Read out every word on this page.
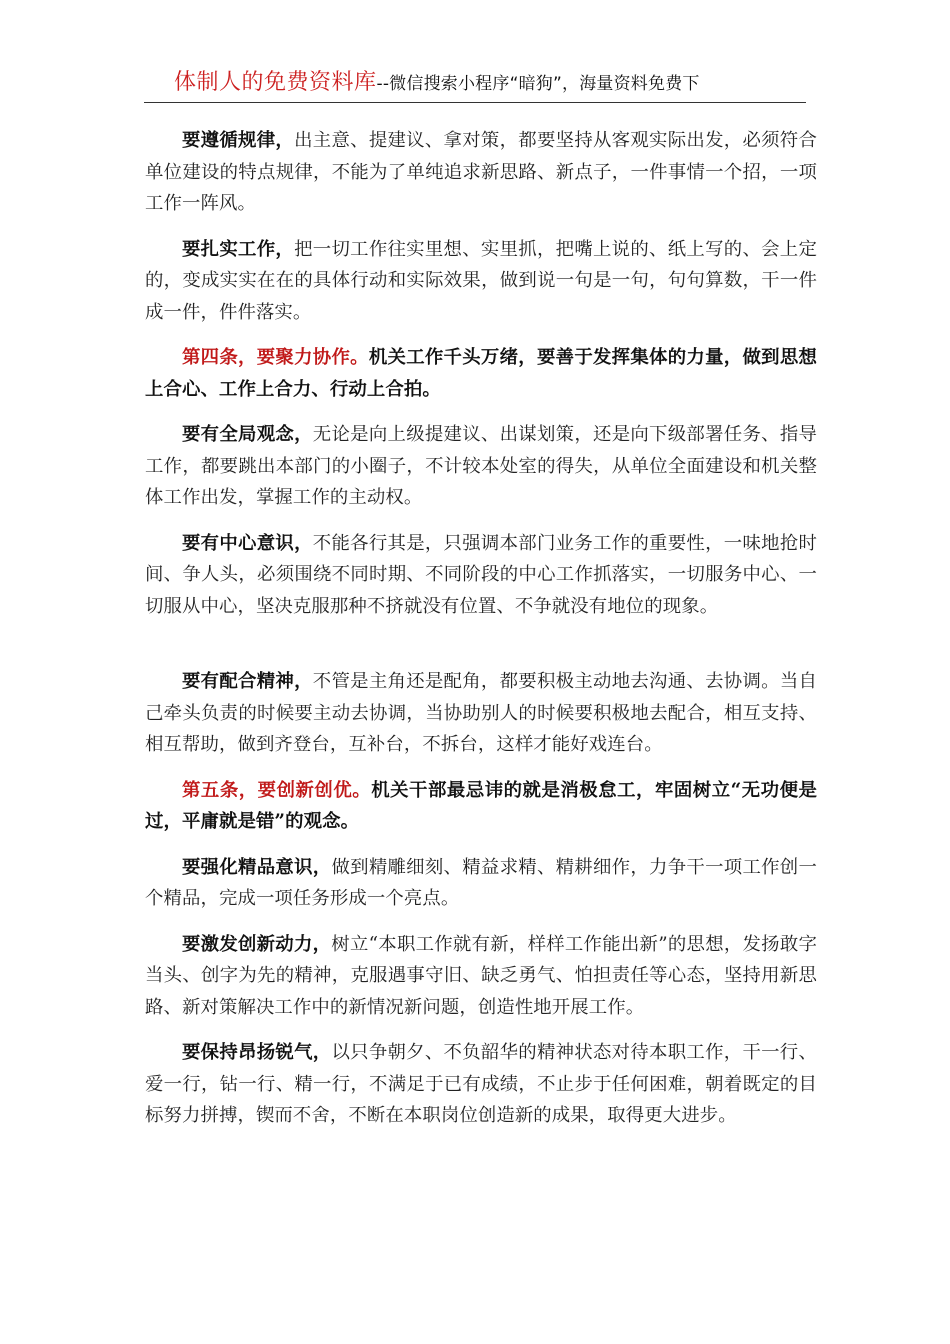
体制人的免费资料库--微信搜索小程序“暗狗”，海量资料免费下

要遵循规律，出主意、提建议、拿对策，都要坚持从客观实际出发，必须符合单位建设的特点规律，不能为了单纯追求新思路、新点子，一件事情一个招，一项工作一阵风。

要扎实工作，把一切工作往实里想、实里抓，把嘴上说的、纸上写的、会上定的，变成实实在在的具体行动和实际效果，做到说一句是一句，句句算数，干一件成一件，件件落实。

第四条，要聚力协作。机关工作千头万绪，要善于发挥集体的力量，做到思想上合心、工作上合力、行动上合拍。

要有全局观念，无论是向上级提建议、出谋划策，还是向下级部署任务、指导工作，都要跳出本部门的小圈子，不计较本处室的得失，从单位全面建设和机关整体工作出发，掌握工作的主动权。

要有中心意识，不能各行其是，只强调本部门业务工作的重要性，一味地抢时间、争人头，必须围绕不同时期、不同阶段的中心工作抓落实，一切服务中心、一切服从中心，坚决克服那种不挤就没有位置、不争就没有地位的现象。

要有配合精神，不管是主角还是配角，都要积极主动地去沟通、去协调。当自己牵头负责的时候要主动去协调，当协助别人的时候要积极地去配合，相互支持、相互帮助，做到齐登台，互补台，不拆台，这样才能好戏连台。

第五条，要创新创优。机关干部最忌讳的就是消极怠工，牢固树立“无功便是过，平庸就是错”的观念。

要强化精品意识，做到精雕细刻、精益求精、精耕细作，力争干一项工作创一个精品，完成一项任务形成一个亮点。

要激发创新动力，树立“本职工作就有新，样样工作能出新”的思想，发扬敢字当头、创字为先的精神，克服遇事守旧、缺乏勇气、怕担责任等心态，坚持用新思路、新对策解决工作中的新情况新问题，创造性地开展工作。

要保持昂扬锐气，以只争朝夕、不负韶华的精神状态对待本职工作，干一行、爱一行，钻一行、精一行，不满足于已有成绩，不止步于任何困难，朝着既定的目标努力拼搏，锲而不舍，不断在本职岗位创造新的成果，取得更大进步。
